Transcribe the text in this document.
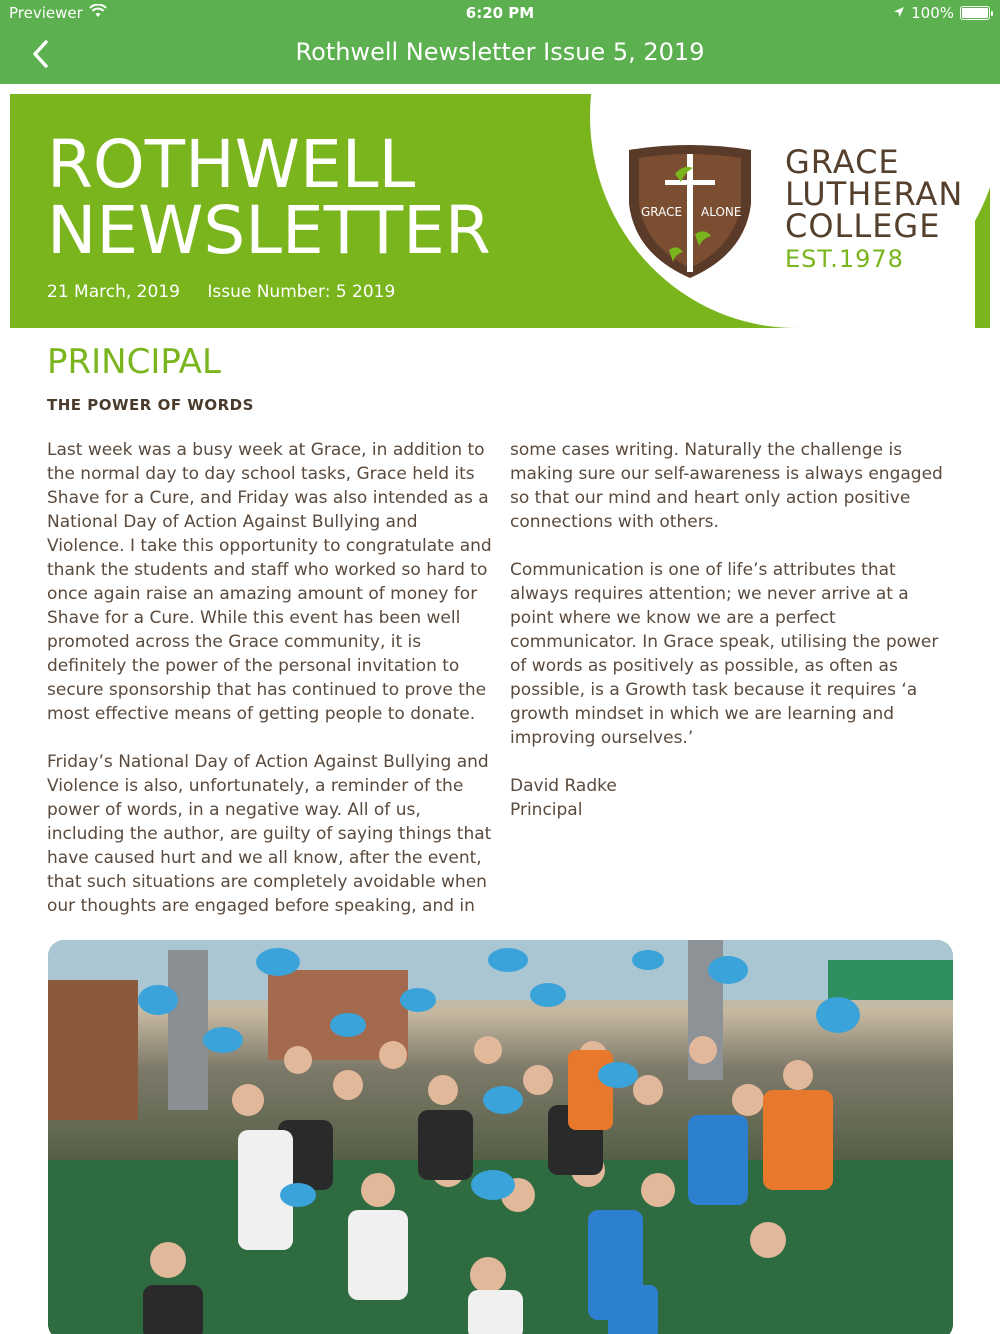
Previewer	6:20 PM	100%
Rothwell Newsletter Issue 5, 2019
ROTHWELL
NEWSLETTER
21 March, 2019 Issue Number: 5 2019
GRACE ALONE
GRACE
LUTHERAN
COLLEGE
EST.1978
PRINCIPAL
THE POWER OF WORDS

Last week was a busy week at Grace, in addition to the normal day to day school tasks, Grace held its Shave for a Cure, and Friday was also intended as a National Day of Action Against Bullying and Violence. I take this opportunity to congratulate and thank the students and staff who worked so hard to once again raise an amazing amount of money for Shave for a Cure. While this event has been well promoted across the Grace community, it is definitely the power of the personal invitation to secure sponsorship that has continued to prove the most effective means of getting people to donate.

Friday’s National Day of Action Against Bullying and Violence is also, unfortunately, a reminder of the power of words, in a negative way. All of us, including the author, are guilty of saying things that have caused hurt and we all know, after the event, that such situations are completely avoidable when our thoughts are engaged before speaking, and in

some cases writing. Naturally the challenge is making sure our self-awareness is always engaged so that our mind and heart only action positive connections with others.

Communication is one of life’s attributes that always requires attention; we never arrive at a point where we know we are a perfect communicator. In Grace speak, utilising the power of words as positively as possible, as often as possible, is a Growth task because it requires ‘a growth mindset in which we are learning and improving ourselves.’

David Radke
Principal
